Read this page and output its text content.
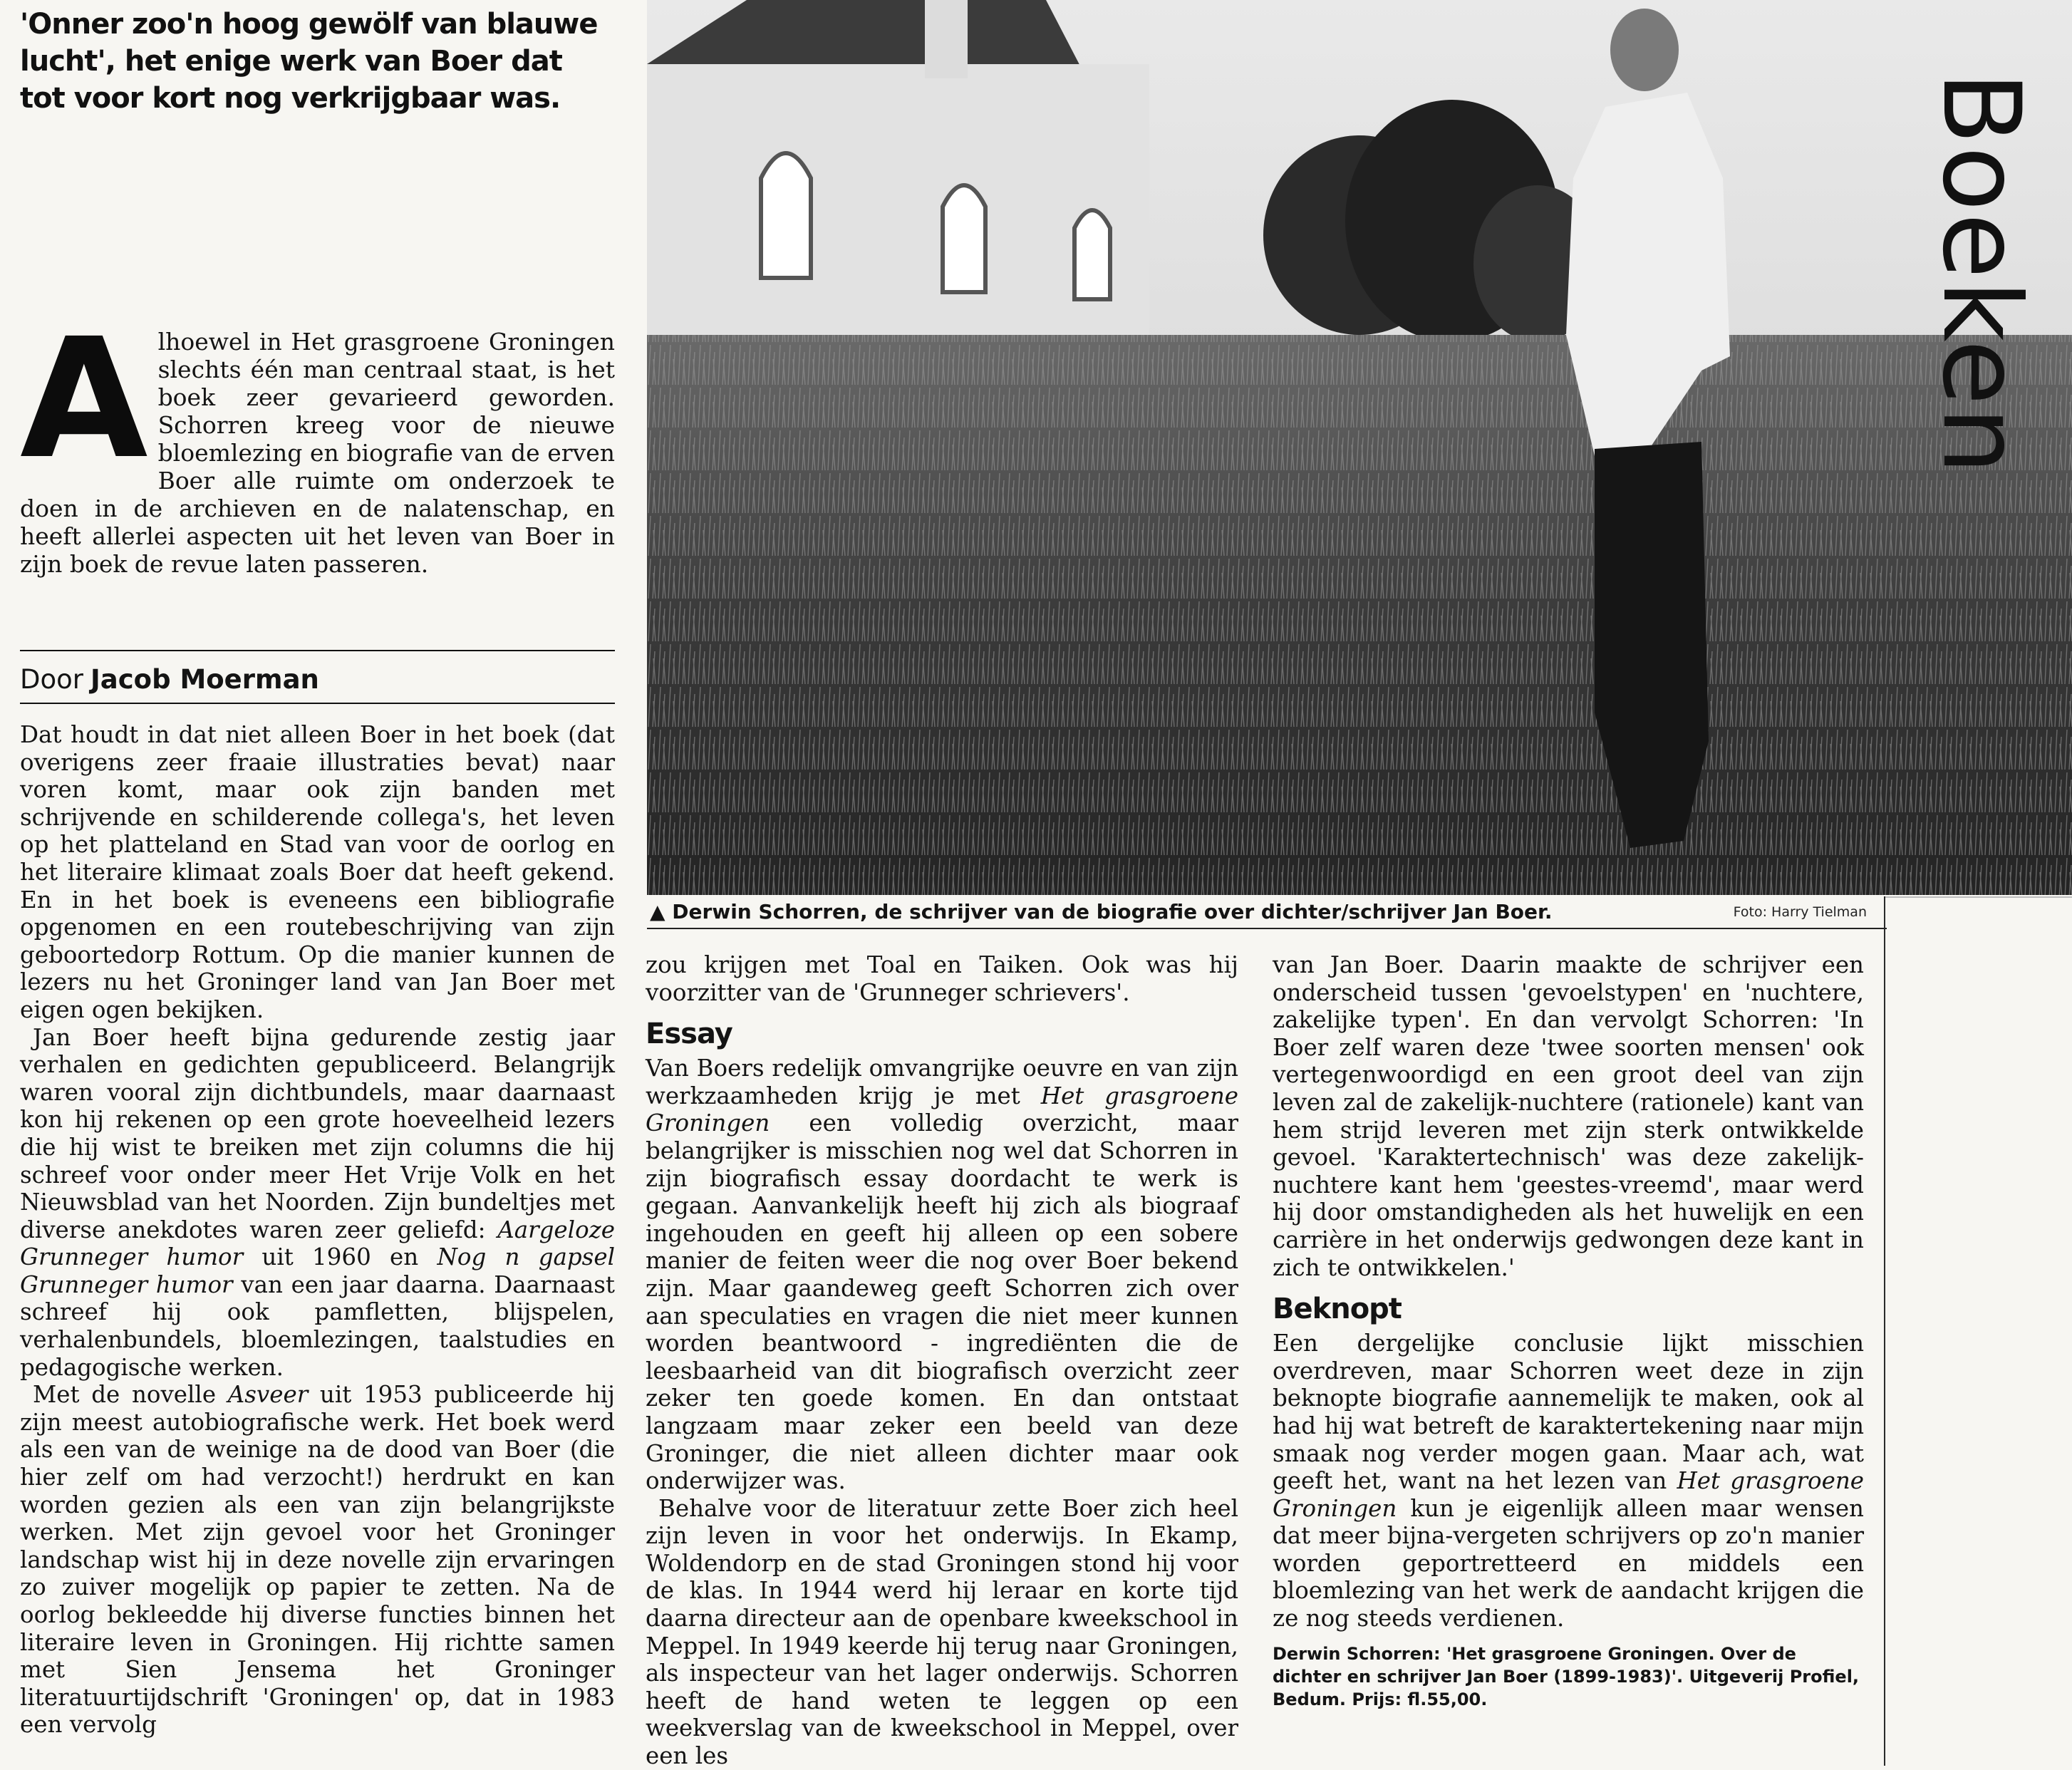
'Onner zoo'n hoog gewölf van blauwe lucht', het enige werk van Boer dat tot voor kort nog verkrijgbaar was.
Alhoewel in Het grasgroene Groningen slechts één man centraal staat, is het boek zeer gevarieerd geworden. Schorren kreeg voor de nieuwe bloemlezing en biografie van de erven Boer alle ruimte om onderzoek te doen in de archieven en de nalatenschap, en heeft allerlei aspecten uit het leven van Boer in zijn boek de revue laten passeren.
Door Jacob Moerman

Dat houdt in dat niet alleen Boer in het boek (dat overigens zeer fraaie illustraties bevat) naar voren komt, maar ook zijn banden met schrijvende en schilderende collega's, het leven op het platteland en Stad van voor de oorlog en het literaire klimaat zoals Boer dat heeft gekend. En in het boek is eveneens een bibliografie opgenomen en een routebeschrijving van zijn geboortedorp Rottum. Op die manier kunnen de lezers nu het Groninger land van Jan Boer met eigen ogen bekijken.

Jan Boer heeft bijna gedurende zestig jaar verhalen en gedichten gepubliceerd. Belangrijk waren vooral zijn dichtbundels, maar daarnaast kon hij rekenen op een grote hoeveelheid lezers die hij wist te breiken met zijn columns die hij schreef voor onder meer Het Vrije Volk en het Nieuwsblad van het Noorden. Zijn bundeltjes met diverse anekdotes waren zeer geliefd: Aargeloze Grunneger humor uit 1960 en Nog n gapsel Grunneger humor van een jaar daarna. Daarnaast schreef hij ook pamfletten, blijspelen, verhalenbundels, bloemlezingen, taalstudies en pedagogische werken.

Met de novelle Asveer uit 1953 publiceerde hij zijn meest autobiografische werk. Het boek werd als een van de weinige na de dood van Boer (die hier zelf om had verzocht!) herdrukt en kan worden gezien als een van zijn belangrijkste werken. Met zijn gevoel voor het Groninger landschap wist hij in deze novelle zijn ervaringen zo zuiver mogelijk op papier te zetten. Na de oorlog bekleedde hij diverse functies binnen het literaire leven in Groningen. Hij richtte samen met Sien Jensema het Groninger literatuurtijdschrift 'Groningen' op, dat in 1983 een vervolg

▲ Derwin Schorren, de schrijver van de biografie over dichter/schrijver Jan Boer.	Foto: Harry Tielman
Boeken

zou krijgen met Toal en Taiken. Ook was hij voorzitter van de 'Grunneger schrievers'.

Essay

Van Boers redelijk omvangrijke oeuvre en van zijn werkzaamheden krijg je met Het grasgroene Groningen een volledig overzicht, maar belangrijker is misschien nog wel dat Schorren in zijn biografisch essay doordacht te werk is gegaan. Aanvankelijk heeft hij zich als biograaf ingehouden en geeft hij alleen op een sobere manier de feiten weer die nog over Boer bekend zijn. Maar gaandeweg geeft Schorren zich over aan speculaties en vragen die niet meer kunnen worden beantwoord - ingrediënten die de leesbaarheid van dit biografisch overzicht zeer zeker ten goede komen. En dan ontstaat langzaam maar zeker een beeld van deze Groninger, die niet alleen dichter maar ook onderwijzer was.

Behalve voor de literatuur zette Boer zich heel zijn leven in voor het onderwijs. In Ekamp, Woldendorp en de stad Groningen stond hij voor de klas. In 1944 werd hij leraar en korte tijd daarna directeur aan de openbare kweekschool in Meppel. In 1949 keerde hij terug naar Groningen, als inspecteur van het lager onderwijs. Schorren heeft de hand weten te leggen op een weekverslag van de kweekschool in Meppel, over een les

van Jan Boer. Daarin maakte de schrijver een onderscheid tussen 'gevoelstypen' en 'nuchtere, zakelijke typen'. En dan vervolgt Schorren: 'In Boer zelf waren deze 'twee soorten mensen' ook vertegenwoordigd en een groot deel van zijn leven zal de zakelijk-nuchtere (rationele) kant van hem strijd leveren met zijn sterk ontwikkelde gevoel. 'Karaktertechnisch' was deze zakelijk-nuchtere kant hem 'geestes-vreemd', maar werd hij door omstandigheden als het huwelijk en een carrière in het onderwijs gedwongen deze kant in zich te ontwikkelen.'

Beknopt

Een dergelijke conclusie lijkt misschien overdreven, maar Schorren weet deze in zijn beknopte biografie aannemelijk te maken, ook al had hij wat betreft de karaktertekening naar mijn smaak nog verder mogen gaan. Maar ach, wat geeft het, want na het lezen van Het grasgroene Groningen kun je eigenlijk alleen maar wensen dat meer bijna-vergeten schrijvers op zo'n manier worden geportretteerd en middels een bloemlezing van het werk de aandacht krijgen die ze nog steeds verdienen.

Derwin Schorren: 'Het grasgroene Groningen. Over de dichter en schrijver Jan Boer (1899-1983)'. Uitgeverij Profiel, Bedum. Prijs: fl.55,00.
